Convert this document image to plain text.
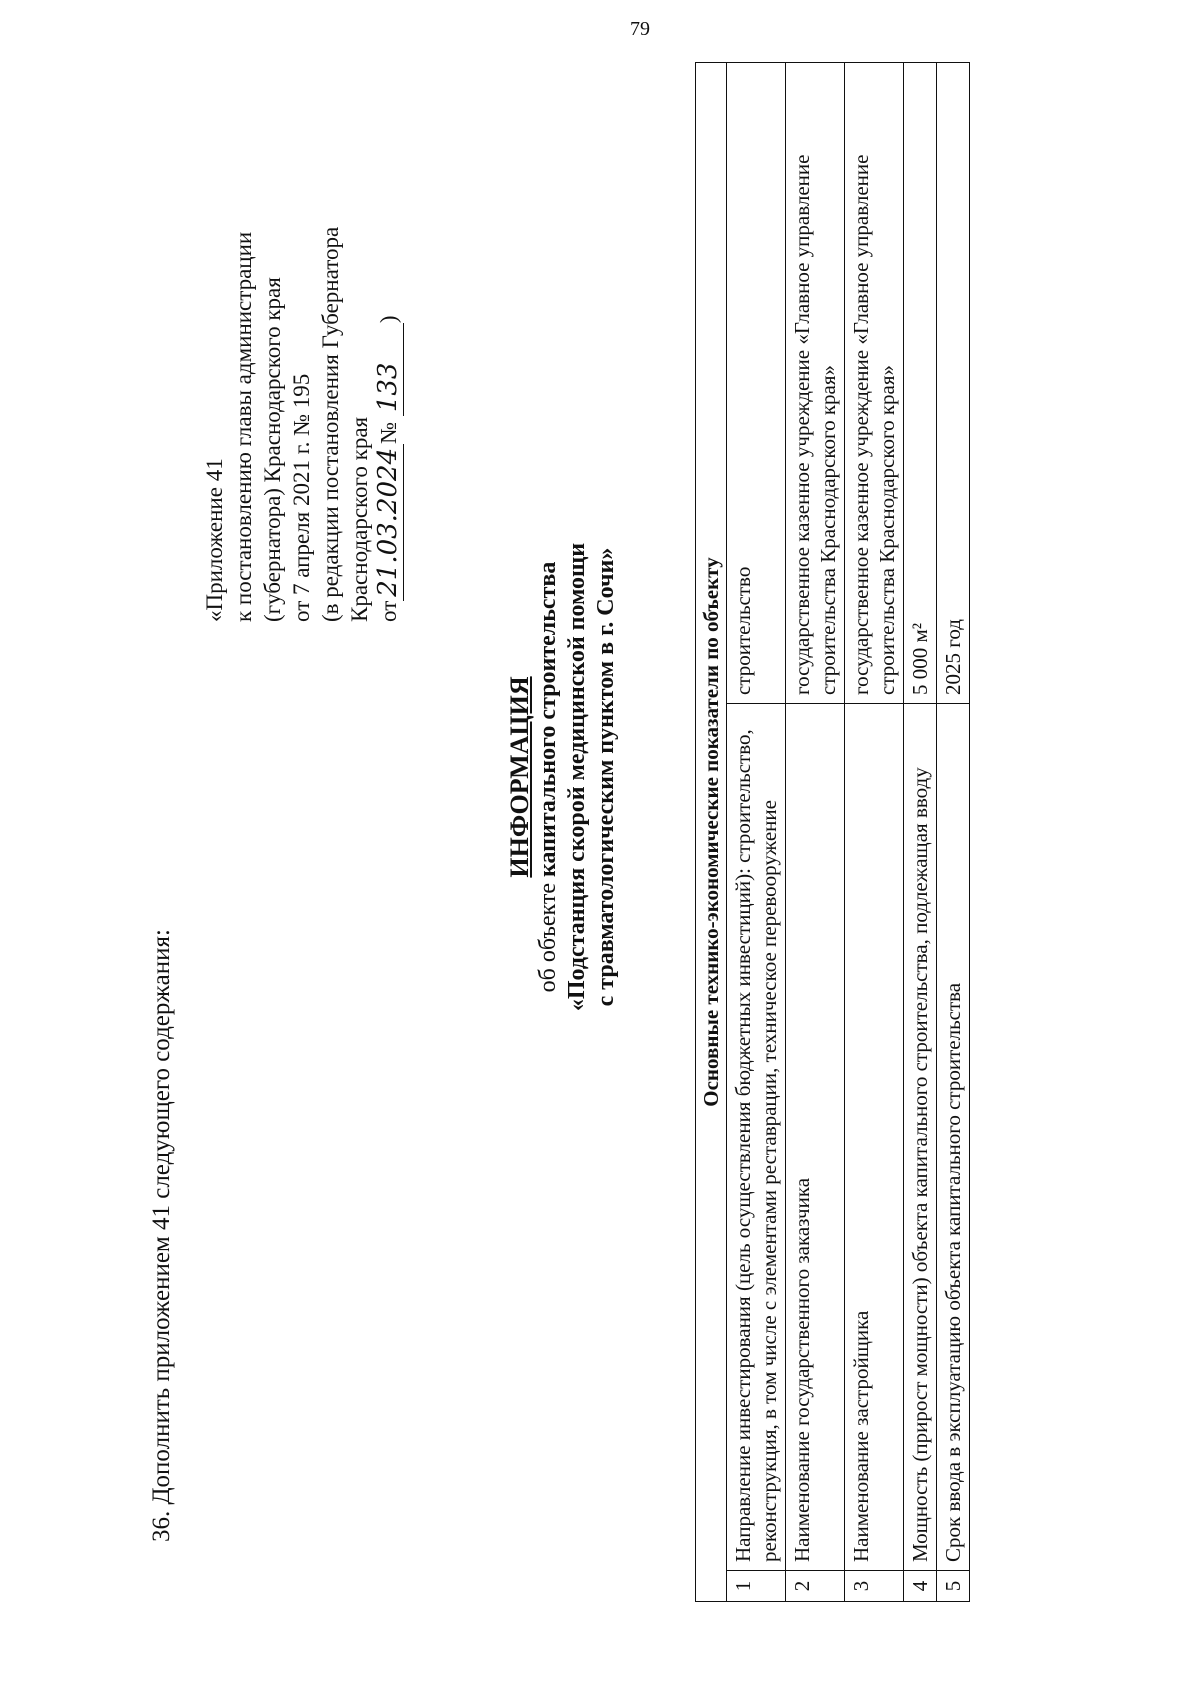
79
36. Дополнить приложением 41 следующего содержания:
«Приложение 41 к постановлению главы администрации (губернатора) Краснодарского края от 7 апреля 2021 г. № 195 (в редакции постановления Губернатора Краснодарского края от21.03.2024№ 133)
ИНФОРМАЦИЯ
об объекте капитального строительства «Подстанция скорой медицинской помощи с травматологическим пунктом в г. Сочи»	Основные технико-экономические показатели по объекту		
1	Направление инвестирования (цель осуществления бюджетных инвестиций): строительство, реконструкция, в том числе с элементами реставрации, техническое перевооружение	строительство
2	Наименование государственного заказчика	государственное казенное учреждение «Главное управление строительства Краснодарского края»
3	Наименование застройщика	государственное казенное учреждение «Главное управление строительства Краснодарского края»
4	Мощность (прирост мощности) объекта капитального строительства, подлежащая вводу	5 000 м²
5	Срок ввода в эксплуатацию объекта капитального строительства	2025 год
